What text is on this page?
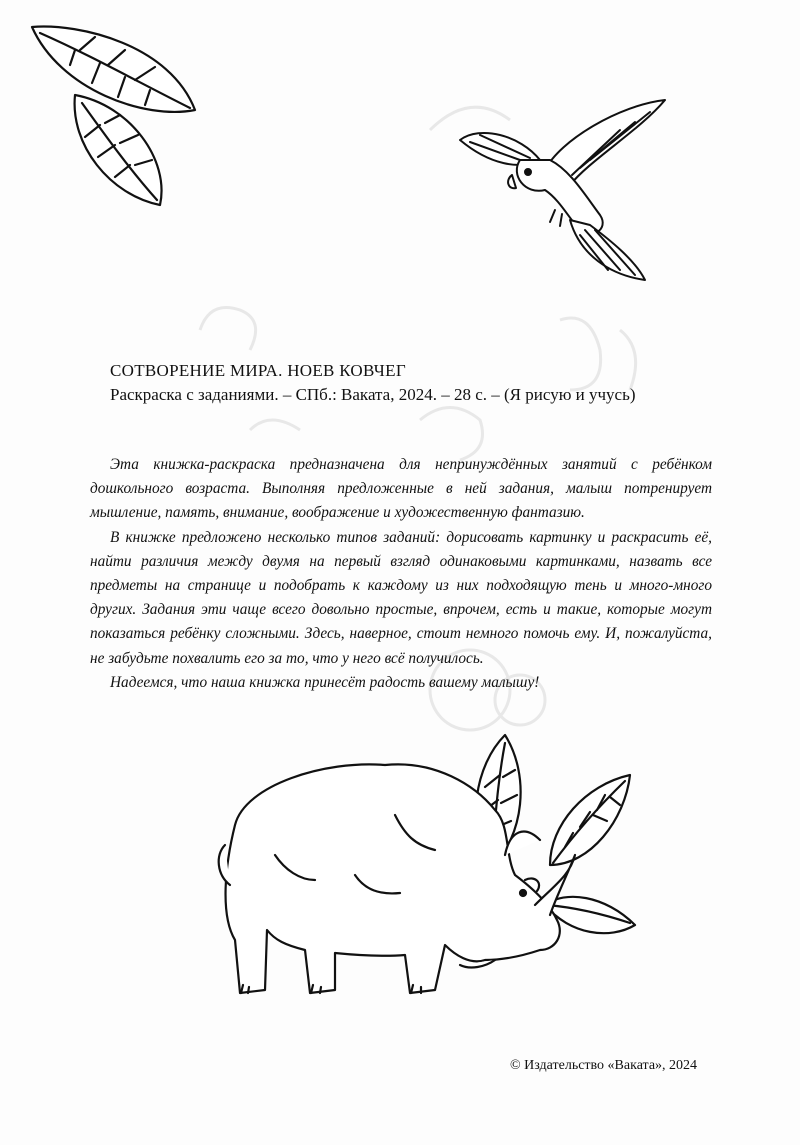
СОТВОРЕНИЕ МИРА. НОЕВ КОВЧЕГ
Раскраска с заданиями. – СПб.: Ваката, 2024. – 28 с. – (Я рисую и учусь)

Эта книжка-раскраска предназначена для непринуждённых занятий с ребёнком дошкольного возраста. Выполняя предложенные в ней задания, малыш потренирует мышление, память, внимание, воображение и художественную фантазию.

В книжке предложено несколько типов заданий: дорисовать картинку и раскрасить её, найти различия между двумя на первый взгляд одинаковыми картинками, назвать все предметы на странице и подобрать к каждому из них подходящую тень и много-много других. Задания эти чаще всего довольно простые, впрочем, есть и такие, которые могут показаться ребёнку сложными. Здесь, наверное, стоит немного помочь ему. И, пожалуйста, не забудьте похвалить его за то, что у него всё получилось.

Надеемся, что наша книжка принесёт радость вашему малышу!

© Издательство «Ваката», 2024
